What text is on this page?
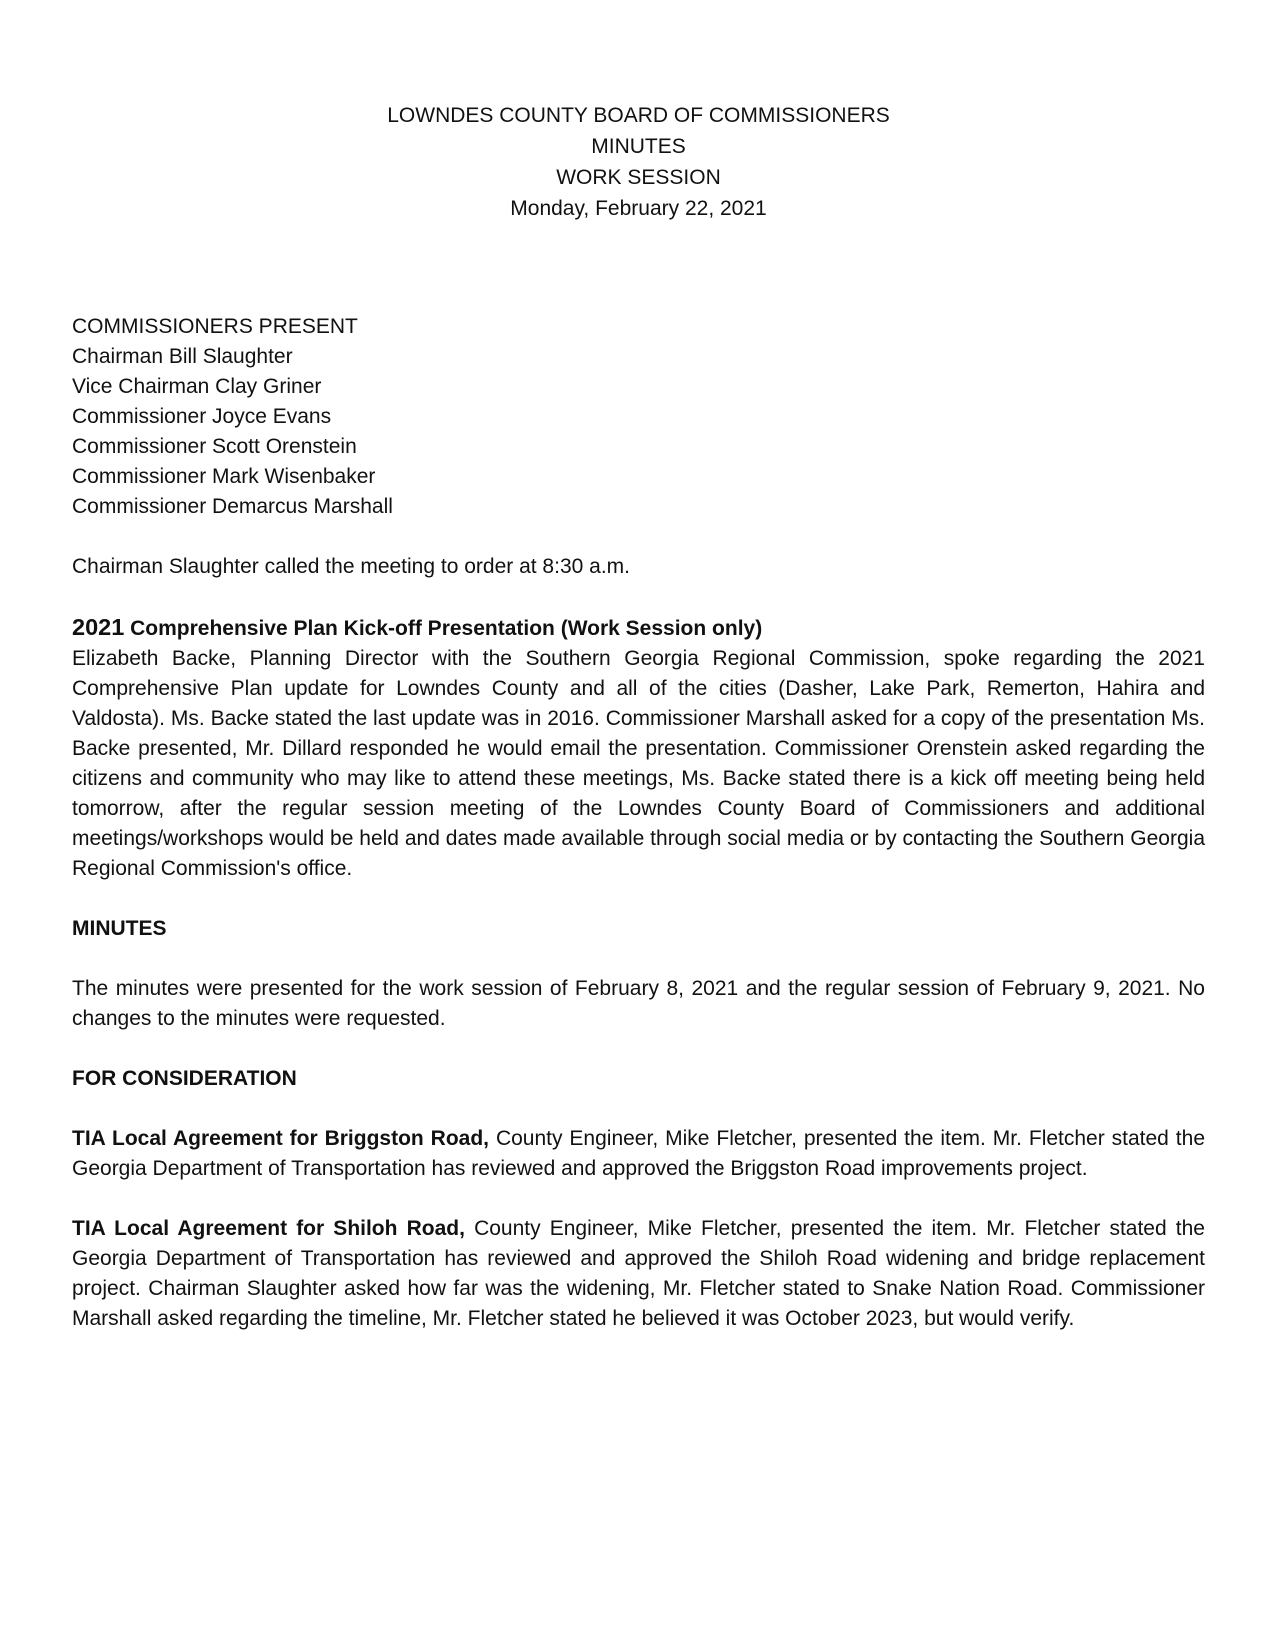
LOWNDES COUNTY BOARD OF COMMISSIONERS
MINUTES
WORK SESSION
Monday, February 22, 2021
COMMISSIONERS PRESENT
Chairman Bill Slaughter
Vice Chairman Clay Griner
Commissioner Joyce Evans
Commissioner Scott Orenstein
Commissioner Mark Wisenbaker
Commissioner Demarcus Marshall

Chairman Slaughter called the meeting to order at 8:30 a.m.

2021 Comprehensive Plan Kick-off Presentation (Work Session only)

Elizabeth Backe, Planning Director with the Southern Georgia Regional Commission, spoke regarding the 2021 Comprehensive Plan update for Lowndes County and all of the cities (Dasher, Lake Park, Remerton, Hahira and Valdosta). Ms. Backe stated the last update was in 2016. Commissioner Marshall asked for a copy of the presentation Ms. Backe presented, Mr. Dillard responded he would email the presentation. Commissioner Orenstein asked regarding the citizens and community who may like to attend these meetings, Ms. Backe stated there is a kick off meeting being held tomorrow, after the regular session meeting of the Lowndes County Board of Commissioners and additional meetings/workshops would be held and dates made available through social media or by contacting the Southern Georgia Regional Commission's office.

MINUTES

The minutes were presented for the work session of February 8, 2021 and the regular session of February 9, 2021. No changes to the minutes were requested.

FOR CONSIDERATION

TIA Local Agreement for Briggston Road, County Engineer, Mike Fletcher, presented the item. Mr. Fletcher stated the Georgia Department of Transportation has reviewed and approved the Briggston Road improvements project.

TIA Local Agreement for Shiloh Road, County Engineer, Mike Fletcher, presented the item. Mr. Fletcher stated the Georgia Department of Transportation has reviewed and approved the Shiloh Road widening and bridge replacement project. Chairman Slaughter asked how far was the widening, Mr. Fletcher stated to Snake Nation Road. Commissioner Marshall asked regarding the timeline, Mr. Fletcher stated he believed it was October 2023, but would verify.
